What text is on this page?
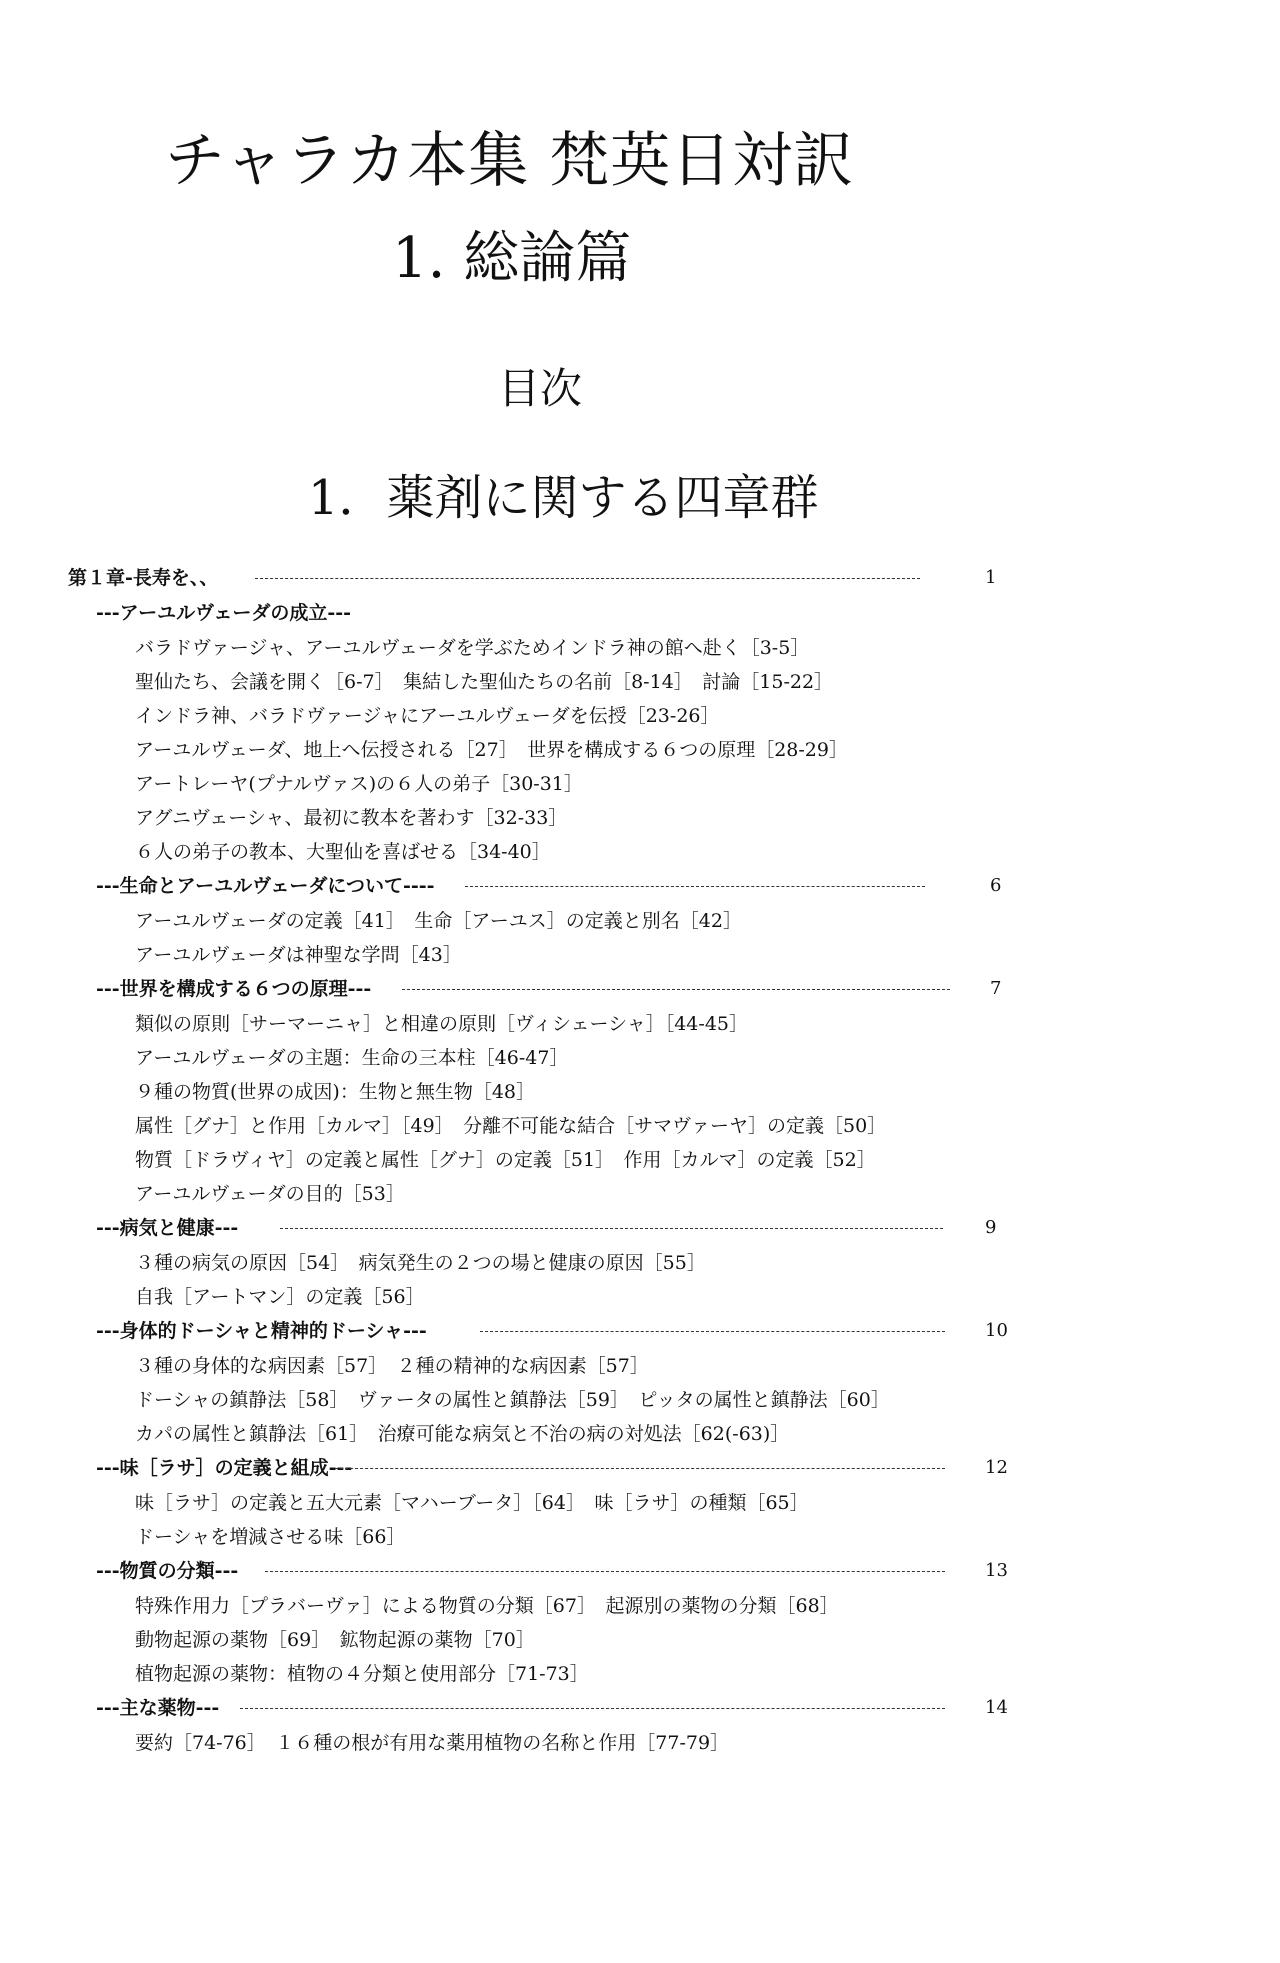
チャラカ本集 梵英日対訳
1. 総論篇
目次
1．薬剤に関する四章群
第１章-長寿を、、	1
---アーユルヴェーダの成立---
バラドヴァージャ、アーユルヴェーダを学ぶためインドラ神の館へ赴く［3-5］
聖仙たち、会議を開く［6-7］　集結した聖仙たちの名前［8-14］　討論［15-22］
インドラ神、バラドヴァージャにアーユルヴェーダを伝授［23-26］
アーユルヴェーダ、地上へ伝授される［27］　世界を構成する６つの原理［28-29］
アートレーヤ(プナルヴァス)の６人の弟子［30-31］
アグニヴェーシャ、最初に教本を著わす［32-33］
６人の弟子の教本、大聖仙を喜ばせる［34-40］
---生命とアーユルヴェーダについて----	6
アーユルヴェーダの定義［41］　生命［アーユス］の定義と別名［42］
アーユルヴェーダは神聖な学問［43］
---世界を構成する６つの原理---	7
類似の原則［サーマーニャ］と相違の原則［ヴィシェーシャ］［44-45］
アーユルヴェーダの主題：生命の三本柱［46-47］
９種の物質(世界の成因)：生物と無生物［48］
属性［グナ］と作用［カルマ］［49］　分離不可能な結合［サマヴァーヤ］の定義［50］
物質［ドラヴィヤ］の定義と属性［グナ］の定義［51］　作用［カルマ］の定義［52］
アーユルヴェーダの目的［53］
---病気と健康---	9
３種の病気の原因［54］　病気発生の２つの場と健康の原因［55］
自我［アートマン］の定義［56］
---身体的ドーシャと精神的ドーシャ---	10
３種の身体的な病因素［57］　２種の精神的な病因素［57］
ドーシャの鎮静法［58］　ヴァータの属性と鎮静法［59］　ピッタの属性と鎮静法［60］
カパの属性と鎮静法［61］　治療可能な病気と不治の病の対処法［62(-63)］
---味［ラサ］の定義と組成---	12
味［ラサ］の定義と五大元素［マハーブータ］［64］　味［ラサ］の種類［65］
ドーシャを増減させる味［66］
---物質の分類---	13
特殊作用力［プラバーヴァ］による物質の分類［67］　起源別の薬物の分類［68］
動物起源の薬物［69］　鉱物起源の薬物［70］
植物起源の薬物：植物の４分類と使用部分［71-73］
---主な薬物---	14
要約［74-76］　１６種の根が有用な薬用植物の名称と作用［77-79］
